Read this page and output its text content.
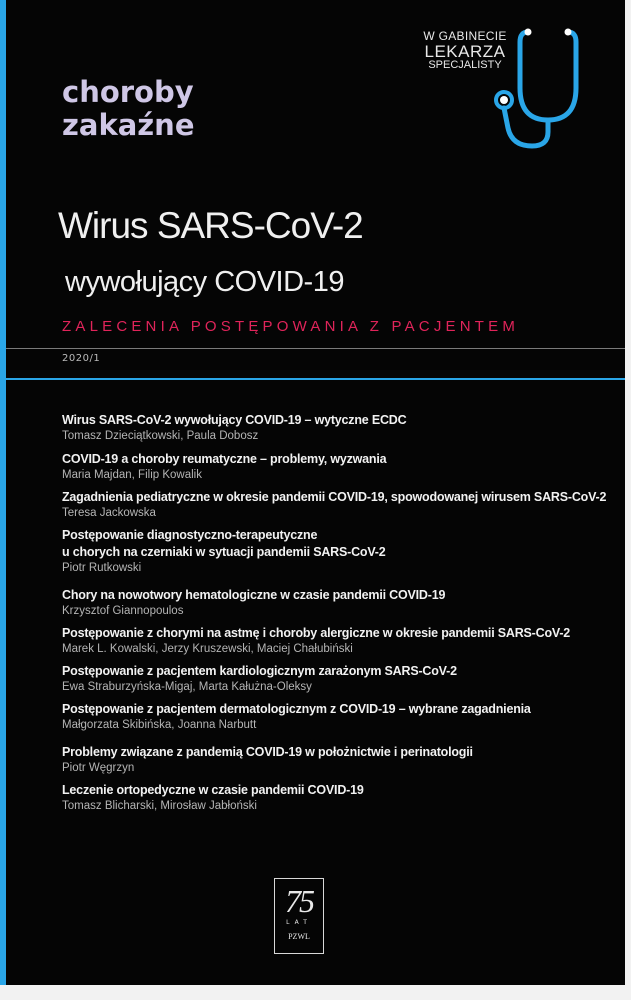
choroby
zakaźne
W GABINECIE
LEKARZA
SPECJALISTY
Wirus SARS-CoV-2
wywołujący COVID-19
ZALECENIA POSTĘPOWANIA Z PACJENTEM
2020/1
Wirus SARS-CoV-2 wywołujący COVID-19 – wytyczne ECDC
Tomasz Dzieciątkowski, Paula Dobosz
COVID-19 a choroby reumatyczne – problemy, wyzwania
Maria Majdan, Filip Kowalik
Zagadnienia pediatryczne w okresie pandemii COVID-19, spowodowanej wirusem SARS-CoV-2
Teresa Jackowska
Postępowanie diagnostyczno-terapeutyczne
u chorych na czerniaki w sytuacji pandemii SARS-CoV-2
Piotr Rutkowski
Chory na nowotwory hematologiczne w czasie pandemii COVID-19
Krzysztof Giannopoulos
Postępowanie z chorymi na astmę i choroby alergiczne w okresie pandemii SARS-CoV-2
Marek L. Kowalski, Jerzy Kruszewski, Maciej Chałubiński
Postępowanie z pacjentem kardiologicznym zarażonym SARS-CoV-2
Ewa Straburzyńska-Migaj, Marta Kałużna-Oleksy
Postępowanie z pacjentem dermatologicznym z COVID-19 – wybrane zagadnienia
Małgorzata Skibińska, Joanna Narbutt
Problemy związane z pandemią COVID-19 w położnictwie i perinatologii
Piotr Węgrzyn
Leczenie ortopedyczne w czasie pandemii COVID-19
Tomasz Blicharski, Mirosław Jabłoński
75
LAT
PZWL
